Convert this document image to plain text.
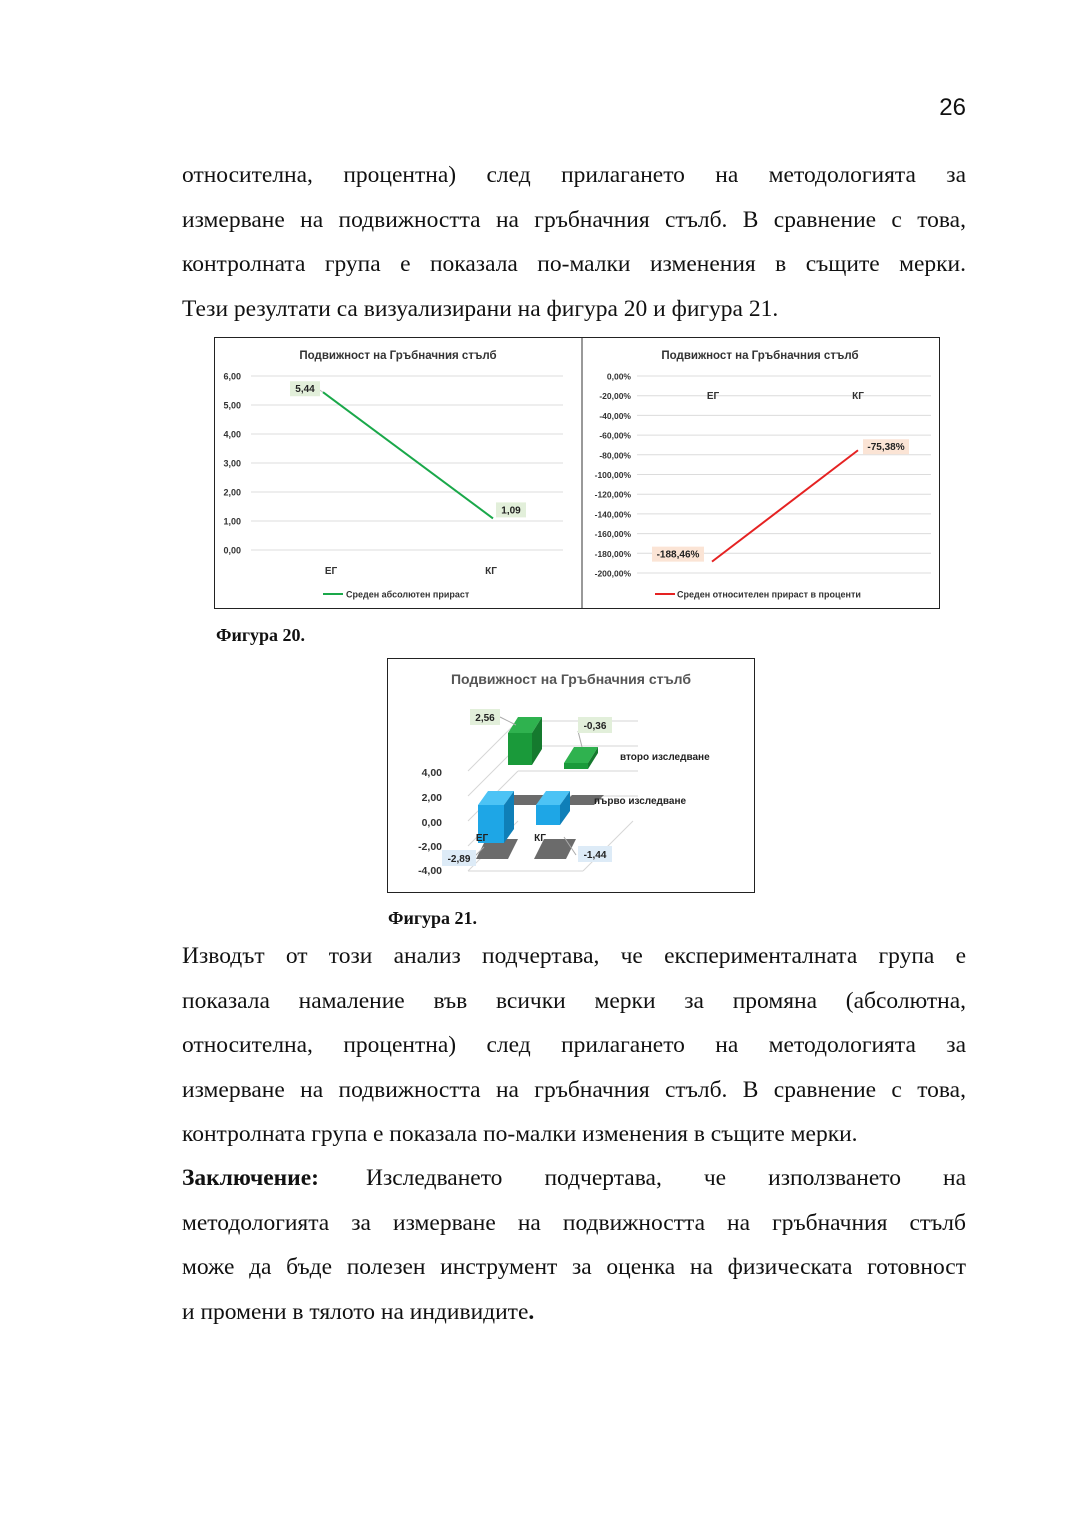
26

относителна, процентна) след прилагането на методологията за
измерване на подвижността на гръбначния стълб. В сравнение с това,
контролната група е показала по-малки изменения в същите мерки.
Тези резултати са визуализирани на фигура 20 и фигура 21.

Подвижност на Гръбначния стълб
6,00
5,00
4,00
3,00
2,00
1,00
0,00
ЕГ	КГ
5,44
1,09
Среден абсолютен прираст
Подвижност на Гръбначния стълб
0,00%
-20,00%
-40,00%
-60,00%
-80,00%
-100,00%
-120,00%
-140,00%
-160,00%
-180,00%
-200,00%
ЕГ	КГ
-188,46%
-75,38%
Среден относителен прираст в проценти
Фигура 20.
Подвижност на Гръбначния стълб
4,00
2,00
0,00
-2,00
-4,00
ЕГ	КГ
второ изследване
първо изследване
2,56
-0,36
-2,89	-1,44
Фигура 21.

Изводът от този анализ подчертава, че експерименталната група е
показала намаление във всички мерки за промяна (абсолютна,
относителна, процентна) след прилагането на методологията за
измерване на подвижността на гръбначния стълб. В сравнение с това,
контролната група е показала по-малки изменения в същите мерки.

Заключение: Изследването подчертава, че използването на
методологията за измерване на подвижността на гръбначния стълб
може да бъде полезен инструмент за оценка на физическата готовност
и промени в тялото на индивидите.
